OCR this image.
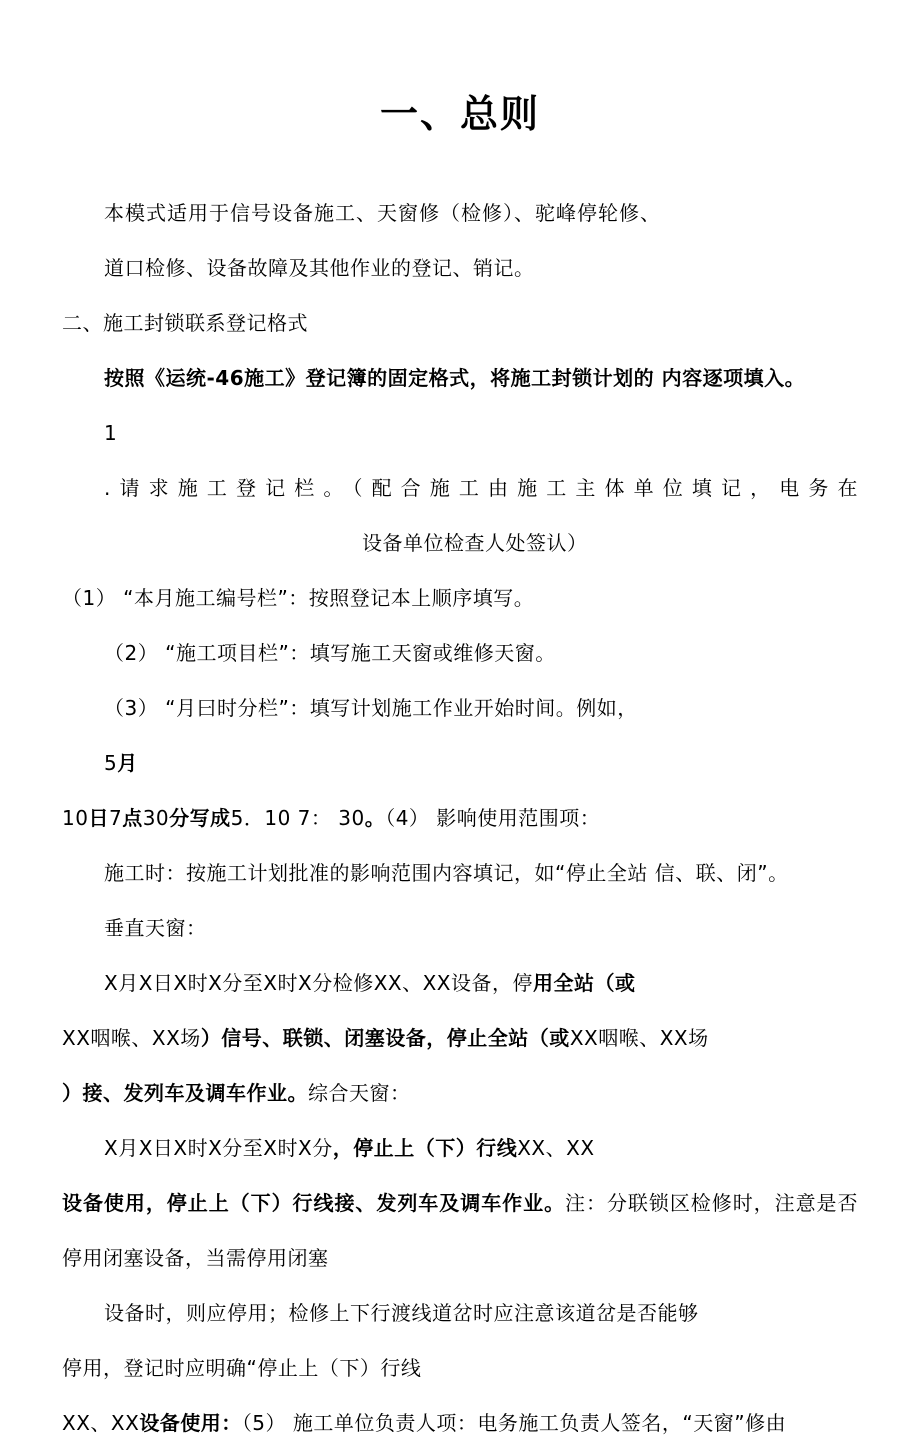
一、总则

本模式适用于信号设备施工、天窗修（检修）、驼峰停轮修、

道口检修、设备故障及其他作业的登记、销记。

二、施工封锁联系登记格式

按照《运统-46施工》登记簿的固定格式，将施工封锁计划的 内容逐项填入。

1

.请求施工登记栏。（配合施工由施工主体单位填记，电务在设备单位检查人处签认）

（1） “本月施工编号栏”：按照登记本上顺序填写。

（2） “施工项目栏”：填写施工天窗或维修天窗。

（3） “月曰时分栏”：填写计划施工作业开始时间。例如，

5月

10日7点30分写成5．10 7： 30。（4） 影响使用范围项：

施工时：按施工计划批准的影响范围内容填记，如“停止全站 信、联、闭”。

垂直天窗：

X月X日X时X分至X时X分检修XX、XX设备，停用全站（或

XX咽喉、XX场）信号、联锁、闭塞设备，停止全站（或XX咽喉、XX场

）接、发列车及调车作业。综合天窗：

X月X日X时X分至X时X分，停止上（下）行线XX、XX

设备使用，停止上（下）行线接、发列车及调车作业。注：分联锁区检修时，注意是否停用闭塞设备，当需停用闭塞

设备时，则应停用；检修上下行渡线道岔时应注意该道岔是否能够

停用，登记时应明确“停止上（下）行线

XX、XX设备使用：（5） 施工单位负责人项：电务施工负责人签名，“天窗”修由
